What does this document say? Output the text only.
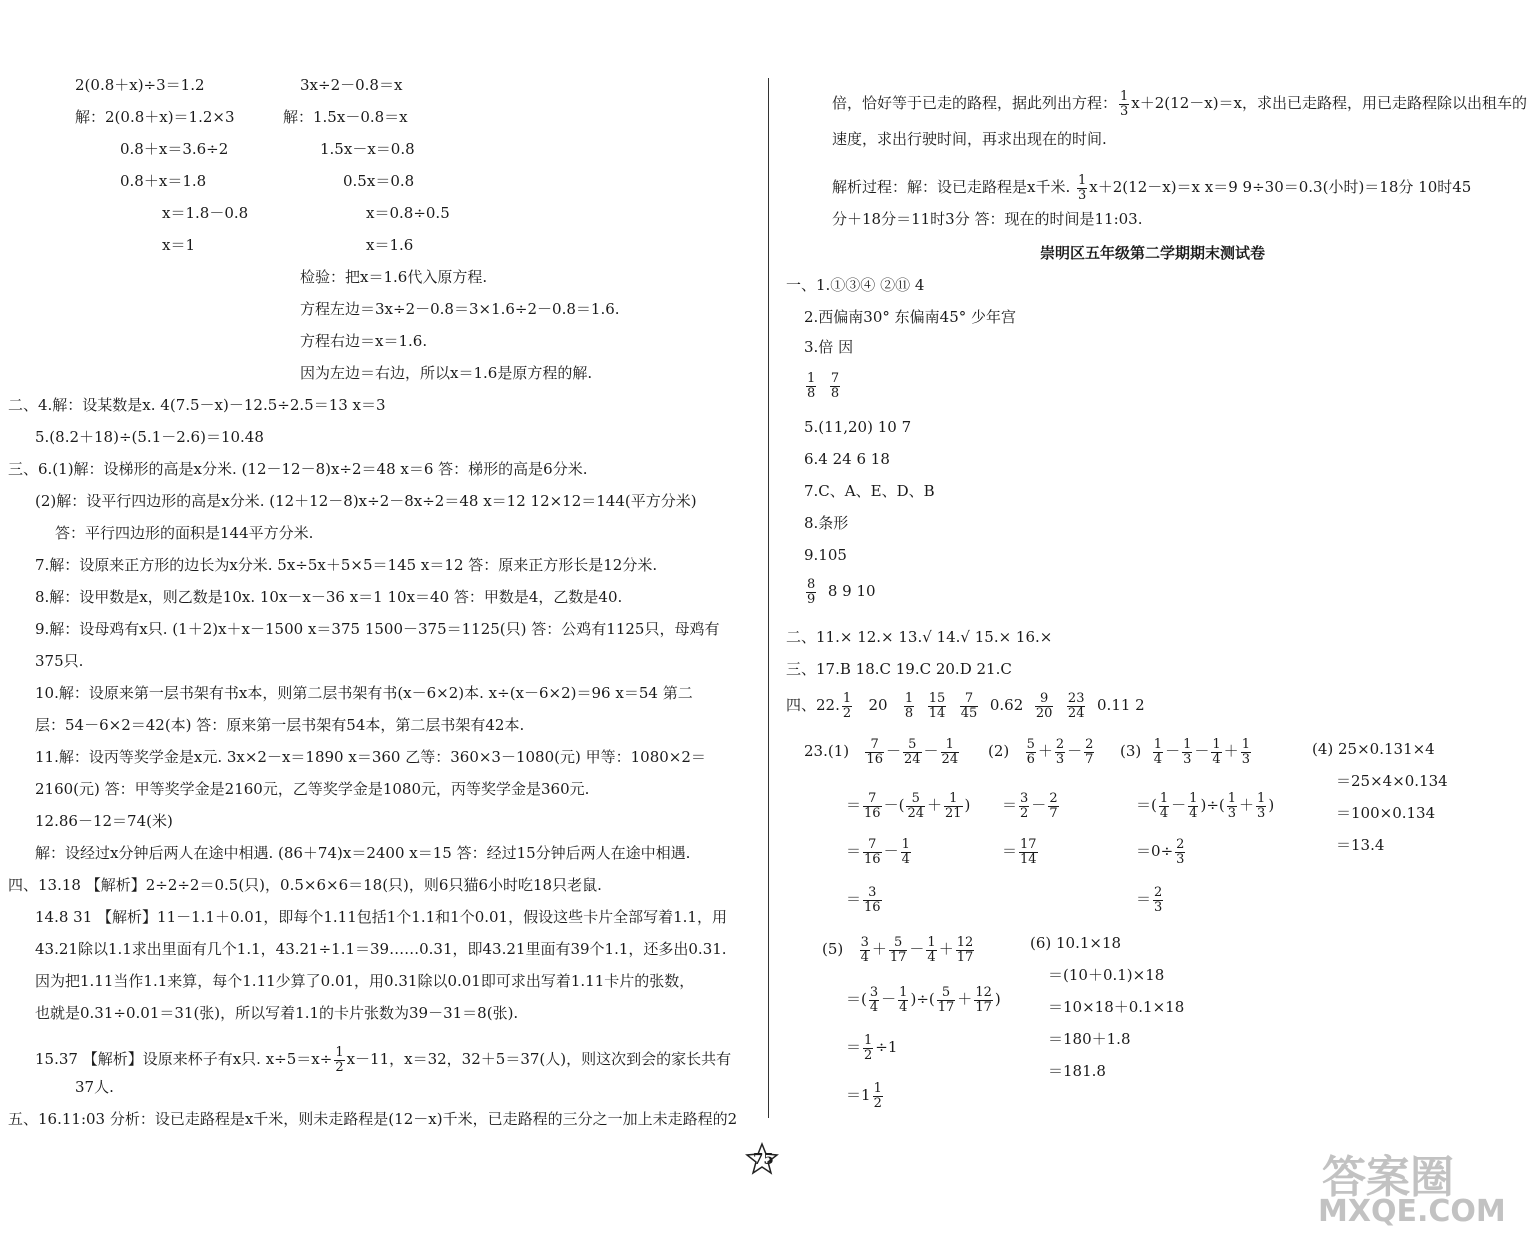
2(0.8＋x)÷3＝1.2	3x÷2－0.8＝x
解：2(0.8＋x)＝1.2×3	解：1.5x－0.8＝x
0.8＋x＝3.6÷2	1.5x－x＝0.8
0.8＋x＝1.8	0.5x＝0.8
x＝1.8－0.8	x＝0.8÷0.5
x＝1	x＝1.6
检验：把x＝1.6代入原方程.
方程左边＝3x÷2－0.8＝3×1.6÷2－0.8＝1.6.
方程右边＝x＝1.6.
因为左边＝右边，所以x＝1.6是原方程的解.
二、4.解：设某数是x. 4(7.5－x)－12.5÷2.5＝13 x＝3
5.(8.2＋18)÷(5.1－2.6)＝10.48
三、6.(1)解：设梯形的高是x分米. (12－12－8)x÷2＝48 x＝6 答：梯形的高是6分米.
(2)解：设平行四边形的高是x分米. (12＋12－8)x÷2－8x÷2＝48 x＝12 12×12＝144(平方分米)
答：平行四边形的面积是144平方分米.
7.解：设原来正方形的边长为x分米. 5x÷5x＋5×5＝145 x＝12 答：原来正方形长是12分米.
8.解：设甲数是x，则乙数是10x. 10x－x－36 x＝1 10x＝40 答：甲数是4，乙数是40.
9.解：设母鸡有x只. (1＋2)x＋x－1500 x＝375 1500－375＝1125(只) 答：公鸡有1125只，母鸡有
375只.
10.解：设原来第一层书架有书x本，则第二层书架有书(x－6×2)本. x÷(x－6×2)＝96 x＝54 第二
层：54－6×2＝42(本) 答：原来第一层书架有54本，第二层书架有42本.
11.解：设丙等奖学金是x元. 3x×2－x＝1890 x＝360 乙等：360×3－1080(元) 甲等：1080×2＝
2160(元) 答：甲等奖学金是2160元，乙等奖学金是1080元，丙等奖学金是360元.
12.86－12＝74(米)
解：设经过x分钟后两人在途中相遇. (86＋74)x＝2400 x＝15 答：经过15分钟后两人在途中相遇.
四、13.18 【解析】2÷2÷2＝0.5(只)，0.5×6×6＝18(只)，则6只猫6小时吃18只老鼠.
14.8 31 【解析】11－1.1＋0.01，即每个1.11包括1个1.1和1个0.01，假设这些卡片全部写着1.1，用
43.21除以1.1求出里面有几个1.1，43.21÷1.1＝39……0.31，即43.21里面有39个1.1，还多出0.31.
因为把1.11当作1.1来算，每个1.11少算了0.01，用0.31除以0.01即可求出写着1.11卡片的张数，
也就是0.31÷0.01＝31(张)，所以写着1.1的卡片张数为39－31＝8(张).
15.37 【解析】设原来杯子有x只. $x\div 5=x\div \frac{1}{2} x-11$，x＝32，32＋5＝37(人)，则这次到会的家长共有
37人.
五、16.11:03 分析：设已走路程是x千米，则未走路程是(12－x)千米，已走路程的三分之一加上未走路程的2
倍，恰好等于已走的路程，据此列出方程： $\frac{1}{3} x+2(12-x)=x$，求出已走路程，用已走路程除以出租车的
速度，求出行驶时间，再求出现在的时间.
解析过程：解：设已走路程是x千米. $\frac{1}{3} x+2(12-x)=x$ x＝9 9÷30＝0.3(小时)＝18分 10时45
分＋18分＝11时3分 答：现在的时间是11:03.
崇明区五年级第二学期期末测试卷
一、1.①③④ ②⑪ 4
2.西偏南30° 东偏南45° 少年宫
3.倍 因
$\frac{1}{8}$
$\frac{7}{8}$
5.(11,20) 10 7
6.4 24 6 18
7.C、A、E、D、B
8.条形
9.105
$\frac{8}{9} 8$ 9 10
二、11.× 12.× 13.√ 14.√ 15.× 16.×
三、17.B 18.C 19.C 20.D 21.C
四、22. $\frac{1}{2} 20 \frac{1}{8}$
$\frac{15}{14}$
$\frac{7}{45} 0.62 \frac{9}{20}$
$\frac{23}{24} 0.11$ 2
$23.(1) \frac{7}{16} - \frac{5}{24} - \frac{1}{24}$
＝ $\frac{7}{16}$ －( $\frac{5}{24} + \frac{1}{21}$ )
＝ $\frac{7}{16} - \frac{1}{4}$
＝ $\frac{3}{16}$
$(2) \frac{5}{6} + \frac{2}{3} - \frac{2}{7}$
＝ $\frac{3}{2} - \frac{2}{7}$
＝ $\frac{17}{14}$
$(3) \frac{1}{4} - \frac{1}{3} - \frac{1}{4} + \frac{1}{3}$
＝( $\frac{1}{4} - \frac{1}{4}$ )÷( $\frac{1}{3} + \frac{1}{3}$ )
$=0\div \frac{2}{3}$
＝ $\frac{2}{3}$
(4) 25×0.131×4
＝25×4×0.134
＝100×0.134
＝13.4
$(5) \frac{3}{4} + \frac{5}{17} - \frac{1}{4} + \frac{12}{17}$
＝( $\frac{3}{4} - \frac{1}{4}$ )÷( $\frac{5}{17} + \frac{12}{17}$ )
＝ $\frac{1}{2} \div 1$
$=1 \frac{1}{2}$
(6) 10.1×18
＝(10＋0.1)×18
＝10×18＋0.1×18
＝180＋1.8
＝181.8
75	答案圈
MXQE.COM
